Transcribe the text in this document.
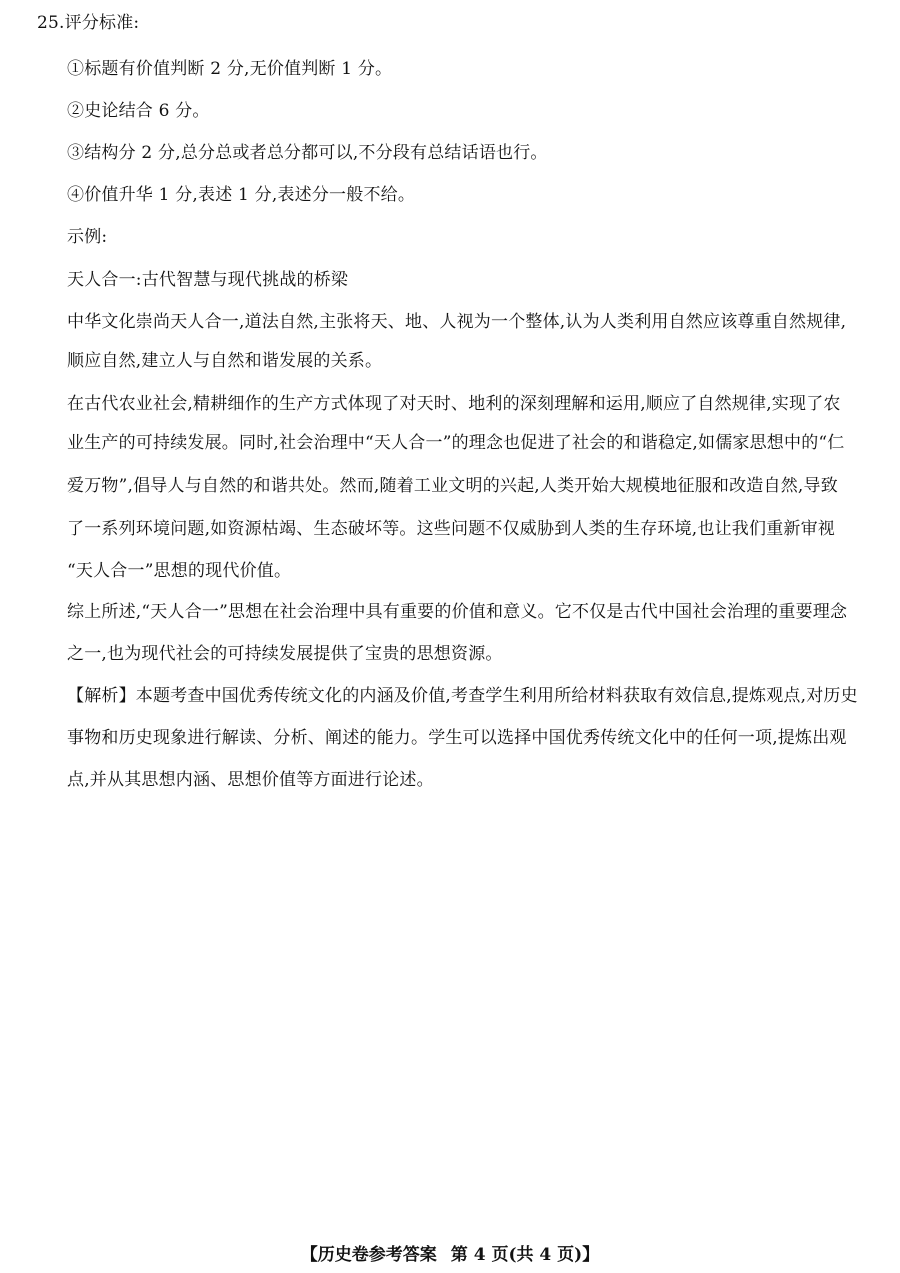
25.评分标准:
①标题有价值判断 2 分,无价值判断 1 分。
②史论结合 6 分。
③结构分 2 分,总分总或者总分都可以,不分段有总结话语也行。
④价值升华 1 分,表述 1 分,表述分一般不给。
示例:
天人合一:古代智慧与现代挑战的桥梁
中华文化崇尚天人合一,道法自然,主张将天、地、人视为一个整体,认为人类利用自然应该尊重自然规律,
顺应自然,建立人与自然和谐发展的关系。
在古代农业社会,精耕细作的生产方式体现了对天时、地利的深刻理解和运用,顺应了自然规律,实现了农
业生产的可持续发展。同时,社会治理中“天人合一”的理念也促进了社会的和谐稳定,如儒家思想中的“仁
爱万物”,倡导人与自然的和谐共处。然而,随着工业文明的兴起,人类开始大规模地征服和改造自然,导致
了一系列环境问题,如资源枯竭、生态破坏等。这些问题不仅威胁到人类的生存环境,也让我们重新审视
“天人合一”思想的现代价值。
综上所述,“天人合一”思想在社会治理中具有重要的价值和意义。它不仅是古代中国社会治理的重要理念
之一,也为现代社会的可持续发展提供了宝贵的思想资源。
【解析】本题考查中国优秀传统文化的内涵及价值,考查学生利用所给材料获取有效信息,提炼观点,对历史
事物和历史现象进行解读、分析、阐述的能力。学生可以选择中国优秀传统文化中的任何一项,提炼出观
点,并从其思想内涵、思想价值等方面进行论述。
【历史卷参考答案 第 4 页(共 4 页)】
